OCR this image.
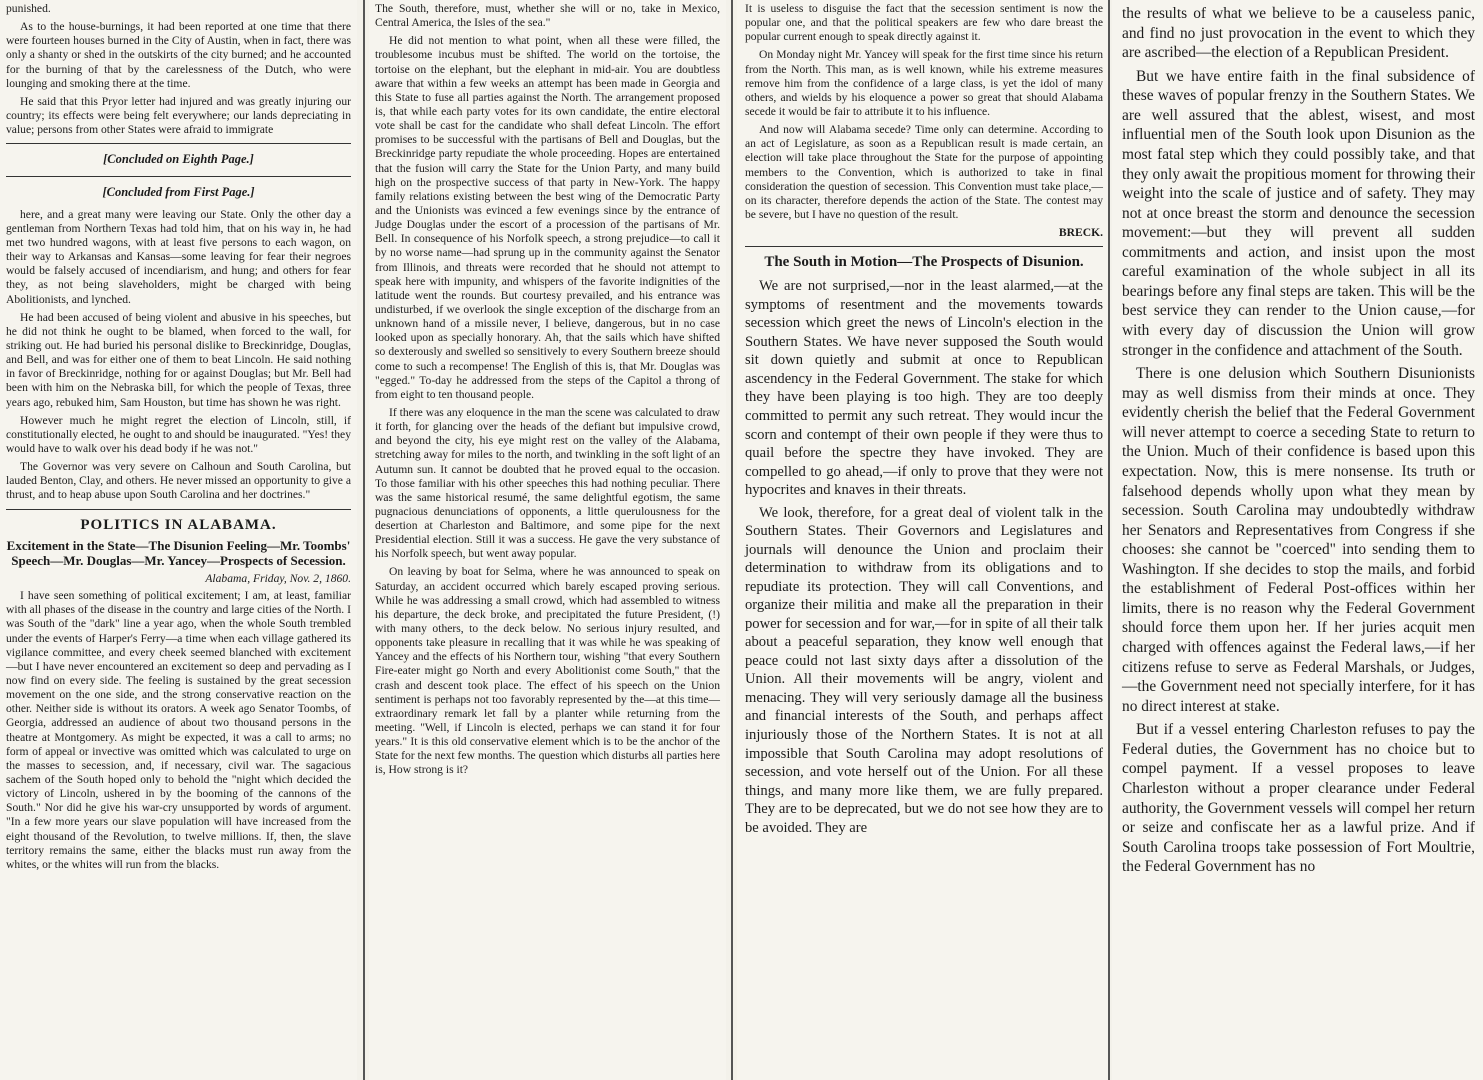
punished.

As to the house-burnings, it had been reported at one time that there were fourteen houses burned in the City of Austin, when in fact, there was only a shanty or shed in the outskirts of the city burned; and he accounted for the burning of that by the carelessness of the Dutch, who were lounging and smoking there at the time.

He said that this Pryor letter had injured and was greatly injuring our country; its effects were being felt everywhere; our lands depreciating in value; persons from other States were afraid to immigrate

[Concluded on Eighth Page.]
[Concluded from First Page.]

here, and a great many were leaving our State. Only the other day a gentleman from Northern Texas had told him, that on his way in, he had met two hundred wagons, with at least five persons to each wagon, on their way to Arkansas and Kansas—some leaving for fear their negroes would be falsely accused of incendiarism, and hung; and others for fear they, as not being slaveholders, might be charged with being Abolitionists, and lynched.

He had been accused of being violent and abusive in his speeches, but he did not think he ought to be blamed, when forced to the wall, for striking out. He had buried his personal dislike to Breckinridge, Douglas, and Bell, and was for either one of them to beat Lincoln. He said nothing in favor of Breckinridge, nothing for or against Douglas; but Mr. Bell had been with him on the Nebraska bill, for which the people of Texas, three years ago, rebuked him, Sam Houston, but time has shown he was right.

However much he might regret the election of Lincoln, still, if constitutionally elected, he ought to and should be inaugurated. "Yes! they would have to walk over his dead body if he was not."

The Governor was very severe on Calhoun and South Carolina, but lauded Benton, Clay, and others. He never missed an opportunity to give a thrust, and to heap abuse upon South Carolina and her doctrines."

POLITICS IN ALABAMA.
Excitement in the State—The Disunion Feeling—Mr. Toombs' Speech—Mr. Douglas—Mr. Yancey—Prospects of Secession.
Alabama, Friday, Nov. 2, 1860.

I have seen something of political excitement; I am, at least, familiar with all phases of the disease in the country and large cities of the North. I was South of the "dark" line a year ago, when the whole South trembled under the events of Harper's Ferry—a time when each village gathered its vigilance committee, and every cheek seemed blanched with excitement—but I have never encountered an excitement so deep and pervading as I now find on every side. The feeling is sustained by the great secession movement on the one side, and the strong conservative reaction on the other. Neither side is without its orators. A week ago Senator Toombs, of Georgia, addressed an audience of about two thousand persons in the theatre at Montgomery. As might be expected, it was a call to arms; no form of appeal or invective was omitted which was calculated to urge on the masses to secession, and, if necessary, civil war. The sagacious sachem of the South hoped only to behold the "night which decided the victory of Lincoln, ushered in by the booming of the cannons of the South." Nor did he give his war-cry unsupported by words of argument. "In a few more years our slave population will have increased from the eight thousand of the Revolution, to twelve millions. If, then, the slave territory remains the same, either the blacks must run away from the whites, or the whites will run from the blacks.

The South, therefore, must, whether she will or no, take in Mexico, Central America, the Isles of the sea."

He did not mention to what point, when all these were filled, the troublesome incubus must be shifted. The world on the tortoise, the tortoise on the elephant, but the elephant in mid-air. You are doubtless aware that within a few weeks an attempt has been made in Georgia and this State to fuse all parties against the North. The arrangement proposed is, that while each party votes for its own candidate, the entire electoral vote shall be cast for the candidate who shall defeat Lincoln. The effort promises to be successful with the partisans of Bell and Douglas, but the Breckinridge party repudiate the whole proceeding. Hopes are entertained that the fusion will carry the State for the Union Party, and many build high on the prospective success of that party in New-York. The happy family relations existing between the best wing of the Democratic Party and the Unionists was evinced a few evenings since by the entrance of Judge Douglas under the escort of a procession of the partisans of Mr. Bell. In consequence of his Norfolk speech, a strong prejudice—to call it by no worse name—had sprung up in the community against the Senator from Illinois, and threats were recorded that he should not attempt to speak here with impunity, and whispers of the favorite indignities of the latitude went the rounds. But courtesy prevailed, and his entrance was undisturbed, if we overlook the single exception of the discharge from an unknown hand of a missile never, I believe, dangerous, but in no case looked upon as specially honorary. Ah, that the sails which have shifted so dexterously and swelled so sensitively to every Southern breeze should come to such a recompense! The English of this is, that Mr. Douglas was "egged." To-day he addressed from the steps of the Capitol a throng of from eight to ten thousand people.

If there was any eloquence in the man the scene was calculated to draw it forth, for glancing over the heads of the defiant but impulsive crowd, and beyond the city, his eye might rest on the valley of the Alabama, stretching away for miles to the north, and twinkling in the soft light of an Autumn sun. It cannot be doubted that he proved equal to the occasion. To those familiar with his other speeches this had nothing peculiar. There was the same historical resumé, the same delightful egotism, the same pugnacious denunciations of opponents, a little querulousness for the desertion at Charleston and Baltimore, and some pipe for the next Presidential election. Still it was a success. He gave the very substance of his Norfolk speech, but went away popular.

On leaving by boat for Selma, where he was announced to speak on Saturday, an accident occurred which barely escaped proving serious. While he was addressing a small crowd, which had assembled to witness his departure, the deck broke, and precipitated the future President, (!) with many others, to the deck below. No serious injury resulted, and opponents take pleasure in recalling that it was while he was speaking of Yancey and the effects of his Northern tour, wishing "that every Southern Fire-eater might go North and every Abolitionist come South," that the crash and descent took place. The effect of his speech on the Union sentiment is perhaps not too favorably represented by the—at this time—extraordinary remark let fall by a planter while returning from the meeting. "Well, if Lincoln is elected, perhaps we can stand it for four years." It is this old conservative element which is to be the anchor of the State for the next few months. The question which disturbs all parties here is, How strong is it?

It is useless to disguise the fact that the secession sentiment is now the popular one, and that the political speakers are few who dare breast the popular current enough to speak directly against it.

On Monday night Mr. Yancey will speak for the first time since his return from the North. This man, as is well known, while his extreme measures remove him from the confidence of a large class, is yet the idol of many others, and wields by his eloquence a power so great that should Alabama secede it would be fair to attribute it to his influence.

And now will Alabama secede? Time only can determine. According to an act of Legislature, as soon as a Republican result is made certain, an election will take place throughout the State for the purpose of appointing members to the Convention, which is authorized to take in final consideration the question of secession. This Convention must take place,—on its character, therefore depends the action of the State. The contest may be severe, but I have no question of the result.

BRECK.
The South in Motion—The Prospects of Disunion.

We are not surprised,—nor in the least alarmed,—at the symptoms of resentment and the movements towards secession which greet the news of Lincoln's election in the Southern States. We have never supposed the South would sit down quietly and submit at once to Republican ascendency in the Federal Government. The stake for which they have been playing is too high. They are too deeply committed to permit any such retreat. They would incur the scorn and contempt of their own people if they were thus to quail before the spectre they have invoked. They are compelled to go ahead,—if only to prove that they were not hypocrites and knaves in their threats.

We look, therefore, for a great deal of violent talk in the Southern States. Their Governors and Legislatures and journals will denounce the Union and proclaim their determination to withdraw from its obligations and to repudiate its protection. They will call Conventions, and organize their militia and make all the preparation in their power for secession and for war,—for in spite of all their talk about a peaceful separation, they know well enough that peace could not last sixty days after a dissolution of the Union. All their movements will be angry, violent and menacing. They will very seriously damage all the business and financial interests of the South, and perhaps affect injuriously those of the Northern States. It is not at all impossible that South Carolina may adopt resolutions of secession, and vote herself out of the Union. For all these things, and many more like them, we are fully prepared. They are to be deprecated, but we do not see how they are to be avoided. They are

the results of what we believe to be a causeless panic, and find no just provocation in the event to which they are ascribed—the election of a Republican President.

But we have entire faith in the final subsidence of these waves of popular frenzy in the Southern States. We are well assured that the ablest, wisest, and most influential men of the South look upon Disunion as the most fatal step which they could possibly take, and that they only await the propitious moment for throwing their weight into the scale of justice and of safety. They may not at once breast the storm and denounce the secession movement:—but they will prevent all sudden commitments and action, and insist upon the most careful examination of the whole subject in all its bearings before any final steps are taken. This will be the best service they can render to the Union cause,—for with every day of discussion the Union will grow stronger in the confidence and attachment of the South.

There is one delusion which Southern Disunionists may as well dismiss from their minds at once. They evidently cherish the belief that the Federal Government will never attempt to coerce a seceding State to return to the Union. Much of their confidence is based upon this expectation. Now, this is mere nonsense. Its truth or falsehood depends wholly upon what they mean by secession. South Carolina may undoubtedly withdraw her Senators and Representatives from Congress if she chooses: she cannot be "coerced" into sending them to Washington. If she decides to stop the mails, and forbid the establishment of Federal Post-offices within her limits, there is no reason why the Federal Government should force them upon her. If her juries acquit men charged with offences against the Federal laws,—if her citizens refuse to serve as Federal Marshals, or Judges,—the Government need not specially interfere, for it has no direct interest at stake.

But if a vessel entering Charleston refuses to pay the Federal duties, the Government has no choice but to compel payment. If a vessel proposes to leave Charleston without a proper clearance under Federal authority, the Government vessels will compel her return or seize and confiscate her as a lawful prize. And if South Carolina troops take possession of Fort Moultrie, the Federal Government has no
